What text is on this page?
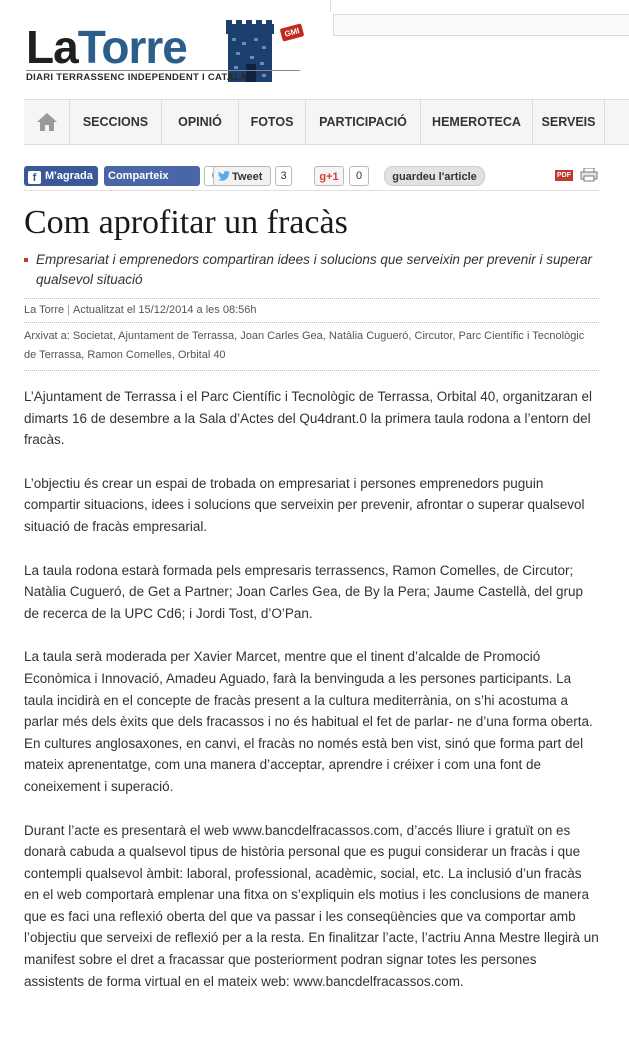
LaTorre	GMI
DIARI TERRASSENC INDEPENDENT I CATALÀ
SECCIONS	OPINIÓ	FOTOS	PARTICIPACIÓ	HEMEROTECA	SERVEIS
f M'agrada	Comparteix	Tweet	3	g+1	0	guardeu l'article	PDF
Com aprofitar un fracàs
Empresariat i emprenedors compartiran idees i solucions que serveixin per prevenir i superar qualsevol situació
La Torre | Actualitzat el 15/12/2014 a les 08:56h
Arxivat a: Societat, Ajuntament de Terrassa, Joan Carles Gea, Natàlia Cugueró, Circutor, Parc Científic i Tecnològic de Terrassa, Ramon Comelles, Orbital 40

L’Ajuntament de Terrassa i el Parc Científic i Tecnològic de Terrassa, Orbital 40, organitzaran el dimarts 16 de desembre a la Sala d’Actes del Qu4drant.0 la primera taula rodona a l’entorn del fracàs.

L’objectiu és crear un espai de trobada on empresariat i persones emprenedors puguin compartir situacions, idees i solucions que serveixin per prevenir, afrontar o superar qualsevol situació de fracàs empresarial.

La taula rodona estarà formada pels empresaris terrassencs, Ramon Comelles, de Circutor; Natàlia Cugueró, de Get a Partner; Joan Carles Gea, de By la Pera; Jaume Castellà, del grup de recerca de la UPC Cd6; i Jordi Tost, d’O’Pan.

La taula serà moderada per Xavier Marcet, mentre que el tinent d’alcalde de Promoció Econòmica i Innovació, Amadeu Aguado, farà la benvinguda a les persones participants. La taula incidirà en el concepte de fracàs present a la cultura mediterrània, on s’hi acostuma a parlar més dels èxits que dels fracassos i no és habitual el fet de parlar- ne d’una forma oberta. En cultures anglosaxones, en canvi, el fracàs no només està ben vist, sinó que forma part del mateix aprenentatge, com una manera d’acceptar, aprendre i créixer i com una font de coneixement i superació.

Durant l’acte es presentarà el web www.bancdelfracassos.com, d’accés lliure i gratuït on es donarà cabuda a qualsevol tipus de història personal que es pugui considerar un fracàs i que contempli qualsevol àmbit: laboral, professional, acadèmic, social, etc. La inclusió d’un fracàs en el web comportarà emplenar una fitxa on s’expliquin els motius i les conclusions de manera que es faci una reflexió oberta del que va passar i les conseqüències que va comportar amb l’objectiu que serveixi de reflexió per a la resta. En finalitzar l’acte, l’actriu Anna Mestre llegirà un manifest sobre el dret a fracassar que posteriorment podran signar totes les persones assistents de forma virtual en el mateix web: www.bancdelfracassos.com.
